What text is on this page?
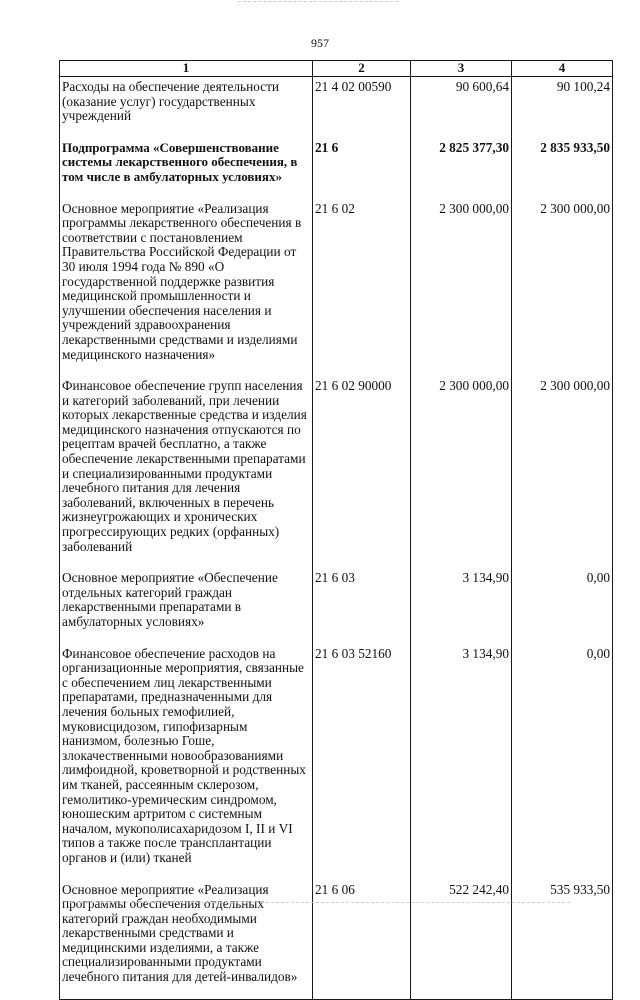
957
1	2	3	4
Расходы на обеспечение деятельности (оказание услуг) государственных учреждений	21 4 02 00590	90 600,64	90 100,24
Подпрограмма «Совершенствование системы лекарственного обеспечения, в том числе в амбулаторных условиях»	21 6	2 825 377,30	2 835 933,50
Основное мероприятие «Реализация программы лекарственного обеспечения в соответствии с постановлением Правительства Российской Федерации от 30 июля 1994 года № 890 «О государственной поддержке развития медицинской промышленности и улучшении обеспечения населения и учреждений здравоохранения лекарственными средствами и изделиями медицинского назначения»	21 6 02	2 300 000,00	2 300 000,00
Финансовое обеспечение групп населения и категорий заболеваний, при лечении которых лекарственные средства и изделия медицинского назначения отпускаются по рецептам врачей бесплатно, а также обеспечение лекарственными препаратами и специализированными продуктами лечебного питания для лечения заболеваний, включенных в перечень жизнеугрожающих и хронических прогрессирующих редких (орфанных) заболеваний	21 6 02 90000	2 300 000,00	2 300 000,00
Основное мероприятие «Обеспечение отдельных категорий граждан лекарственными препаратами в амбулаторных условиях»	21 6 03	3 134,90	0,00
Финансовое обеспечение расходов на организационные мероприятия, связанные с обеспечением лиц лекарственными препаратами, предназначенными для лечения больных гемофилией, муковисцидозом, гипофизарным нанизмом, болезнью Гоше, злокачественными новообразованиями лимфоидной, кроветворной и родственных им тканей, рассеянным склерозом, гемолитико-уремическим синдромом, юношеским артритом с системным началом, мукополисахаридозом I, II и VI типов а также после трансплантации органов и (или) тканей	21 6 03 52160	3 134,90	0,00
Основное мероприятие «Реализация программы обеспечения отдельных категорий граждан необходимыми лекарственными средствами и медицинскими изделиями, а также специализированными продуктами лечебного питания для детей-инвалидов»	21 6 06	522 242,40	535 933,50
